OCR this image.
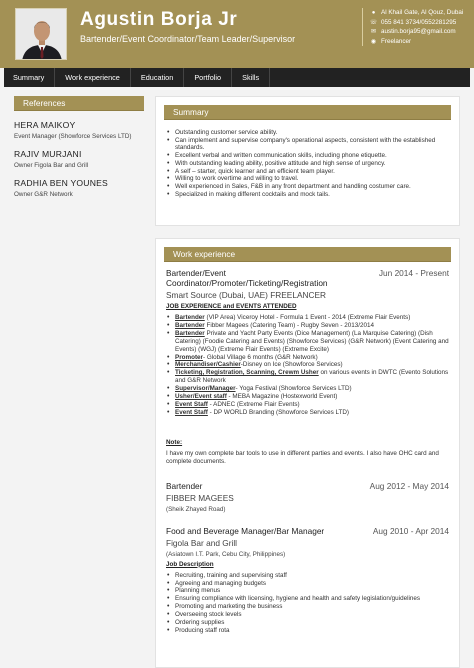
Agustin Borja Jr
Bartender/Event Coordinator/Team Leader/Supervisor
● Al Khail Gate, Al Qouz, Dubai
☏ 055 841 3734/0552281295
✉ austin.borja95@gmail.com
◉ Freelancer
Summary	Work experience	Education	Portfolio	Skills
References
HERA MAIKOY
Event Manager (Showforce Services LTD)
RAJIV MURJANI
Owner Figola Bar and Grill
RADHIA BEN YOUNES
Owner G&R Network
Summary
• Outstanding customer service ability.
• Can implement and supervise company's operational aspects, consistent with the established standards.
• Excellent verbal and written communication skills, including phone etiquette.
• With outstanding leading ability, positive attitude and high sense of urgency.
• A self – starter, quick learner and an efficient team player.
• Willing to work overtime and willing to travel.
• Well experienced in Sales, F&B in any front department and handling costumer care.
• Specialized in making different cocktails and mock tails.
Work experience
Bartender/Event Coordinator/Promoter/Ticketing/Registration
Jun 2014 - Present
Smart Source (Dubai, UAE) FREELANCER
JOB EXPERIENCE and EVENTS ATTENDED
• Bartender (VIP Area) Viceroy Hotel - Formula 1 Event - 2014 (Extreme Flair Events)
• Bartender Fibber Magees (Catering Team) - Rugby Seven - 2013/2014
• Bartender Private and Yacht Party Events (Dice Management) (La Marquise Catering) (Dish Catering) (Foodie Catering and Events) (Showforce Services) (G&R Network) (Event Catering and Events) (WGJ) (Extreme Flair Events) (Extreme Excite)
• Promoter- Global Village 6 months (G&R Network)
• Merchandiser/Cashier-Disney on Ice (Showforce Services)
• Ticketing, Registration, Scanning, Crewm Usher on various events in DWTC (Evento Solutions and G&R Network
• Supervisor/Manager- Yoga Festival (Showforce Services LTD)
• Usher/Event staff - MEBA Magazine (Hostexworld Event)
• Event Staff - ADNEC (Extreme Flair Events)
• Event Staff - DP WORLD Branding (Showforce Services LTD)
Note:
I have my own complete bar tools to use in different parties and events. I also have OHC card and complete documents.
Bartender	Aug 2012 - May 2014
FIBBER MAGEES
(Sheik Zhayed Road)
Food and Beverage Manager/Bar Manager	Aug 2010 - Apr 2014
Figola Bar and Grill
(Asiatown I.T. Park, Cebu City, Philippines)
Job Description
• Recruiting, training and supervising staff
• Agreeing and managing budgets
• Planning menus
• Ensuring compliance with licensing, hygiene and health and safety legislation/guidelines
• Promoting and marketing the business
• Overseeing stock levels
• Ordering supplies
• Producing staff rota
